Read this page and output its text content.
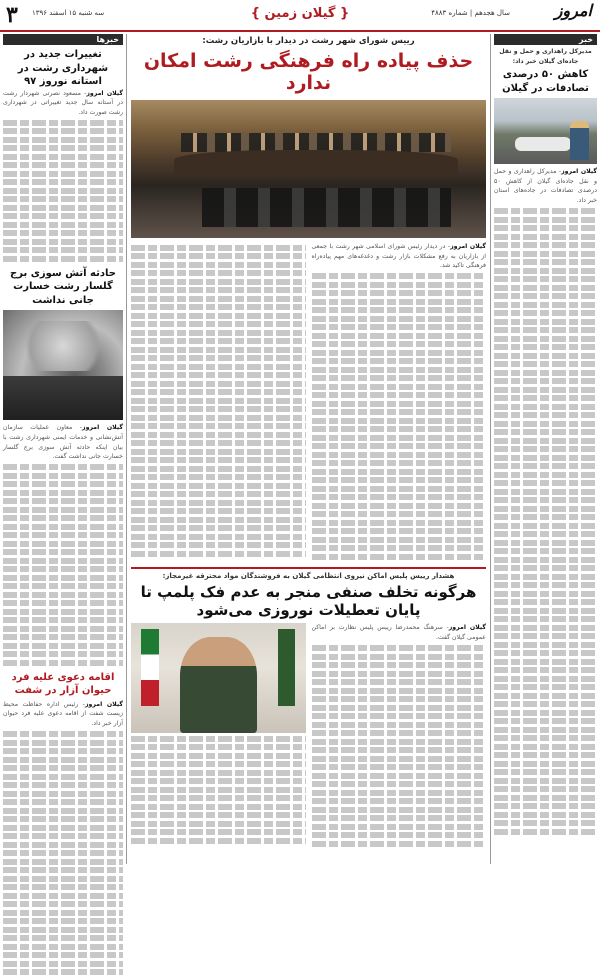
۳ سه شنبه ۱۵ اسفند ۱۳۹۶	{ گیلان زمین }	امروز
سال هجدهم | شماره ۴۸۸۳
خبرها
تغییرات جدید در شهرداری رشت در استانه نوروز ۹۷
گیلان امروز- مسعود نصرتی شهردار رشت در آستانه سال جدید تغییراتی در شهرداری رشت صورت داد.
حادثه آتش سوزی برج گلسار رشت خسارت جانی نداشت
گیلان امروز- معاون عملیات سازمان آتش‌نشانی و خدمات ایمنی شهرداری رشت با بیان اینکه حادثه آتش سوزی برج گلسار خسارت جانی نداشت گفت.
اقامه دعوی علیه فرد حیوان آزار در شفت
گیلان امروز- رئیس اداره حفاظت محیط زیست شفت از اقامه دعوی علیه فرد حیوان آزار خبر داد.
خبر
مدیرکل راهداری و حمل و نقل جاده‌ای گیلان خبر داد:
کاهش ۵۰ درصدی تصادفات در گیلان
گیلان امروز- مدیرکل راهداری و حمل و نقل جاده‌ای گیلان از کاهش ۵۰ درصدی تصادفات در جاده‌های استان خبر داد.
رییس شورای شهر رشت در دیدار با بازاریان رشت:
حذف پیاده راه فرهنگی رشت امکان ندارد
گیلان امروز- در دیدار رئیس شورای اسلامی شهر رشت با جمعی از بازاریان به رفع مشکلات بازار رشت و دغدغه‌های مهم پیاده‌راه فرهنگی تاکید شد.
هشدار رییس پلیس اماکن نیروی انتظامی گیلان به فروشندگان مواد محترقه غیرمجاز:
هرگونه تخلف صنفی منجر به عدم فک پلمپ تا پایان تعطیلات نوروزی می‌شود
گیلان امروز- سرهنگ محمدرضا رییس پلیس نظارت بر اماکن عمومی گیلان گفت.
